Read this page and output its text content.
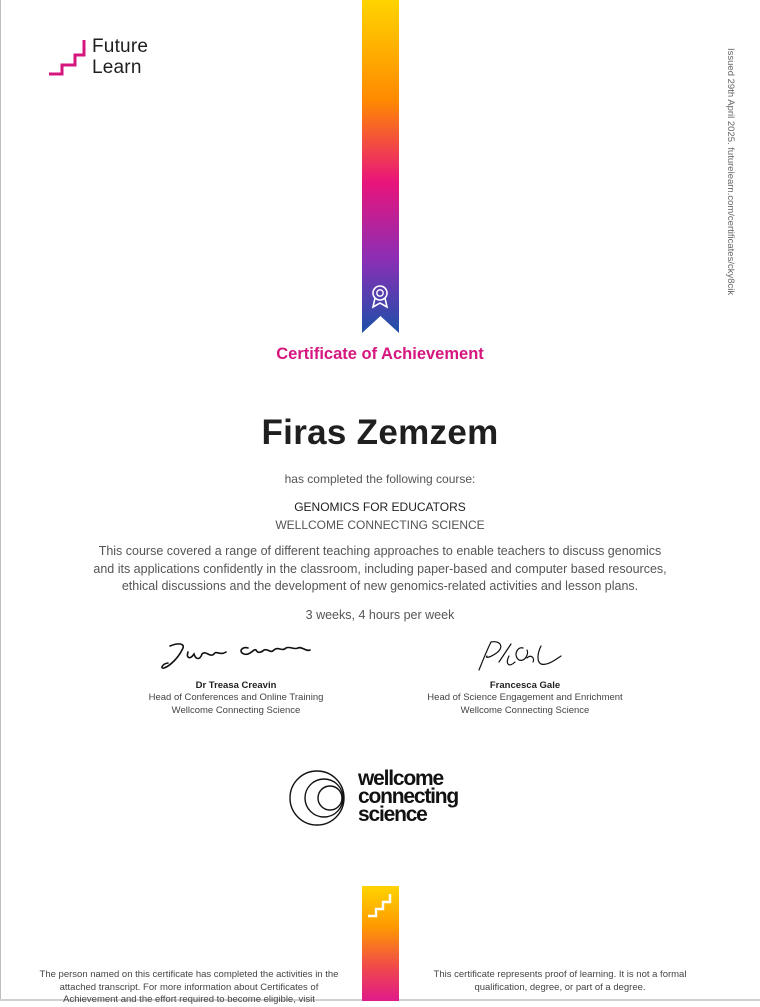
Future
Learn	Issued 29th April 2025. futurelearn.com/certificates/cky8cik
Certificate of Achievement
Firas Zemzem
has completed the following course:
GENOMICS FOR EDUCATORS
WELLCOME CONNECTING SCIENCE
This course covered a range of different teaching approaches to enable teachers to discuss genomics and its applications confidently in the classroom, including paper-based and computer based resources, ethical discussions and the development of new genomics-related activities and lesson plans.
3 weeks, 4 hours per week
Dr Treasa Creavin
Head of Conferences and Online Training
Wellcome Connecting Science
Francesca Gale
Head of Science Engagement and Enrichment
Wellcome Connecting Science
wellcome
connecting
science
The person named on this certificate has completed the activities in the attached transcript. For more information about Certificates of Achievement and the effort required to become eligible, visit
This certificate represents proof of learning. It is not a formal qualification, degree, or part of a degree.
